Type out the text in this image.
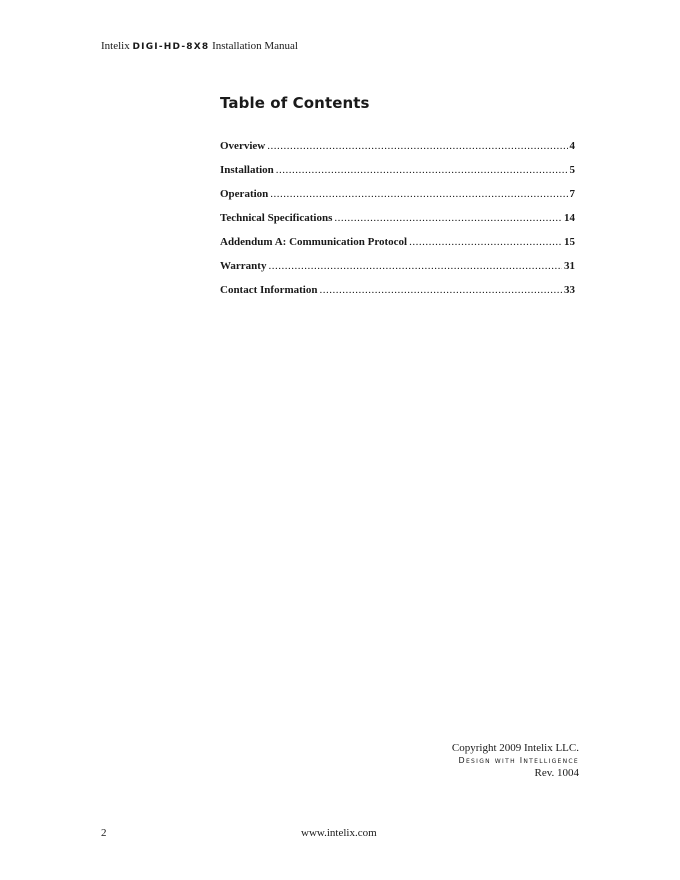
Intelix DIGI-HD-8X8 Installation Manual
Table of Contents
Overview .....	4
Installation .....	5
Operation .....	7
Technical Specifications .....	14
Addendum A: Communication Protocol .....	15
Warranty .....	31
Contact Information .....	33
Copyright 2009 Intelix LLC.
Design with Intelligence
Rev. 1004
2	www.intelix.com
